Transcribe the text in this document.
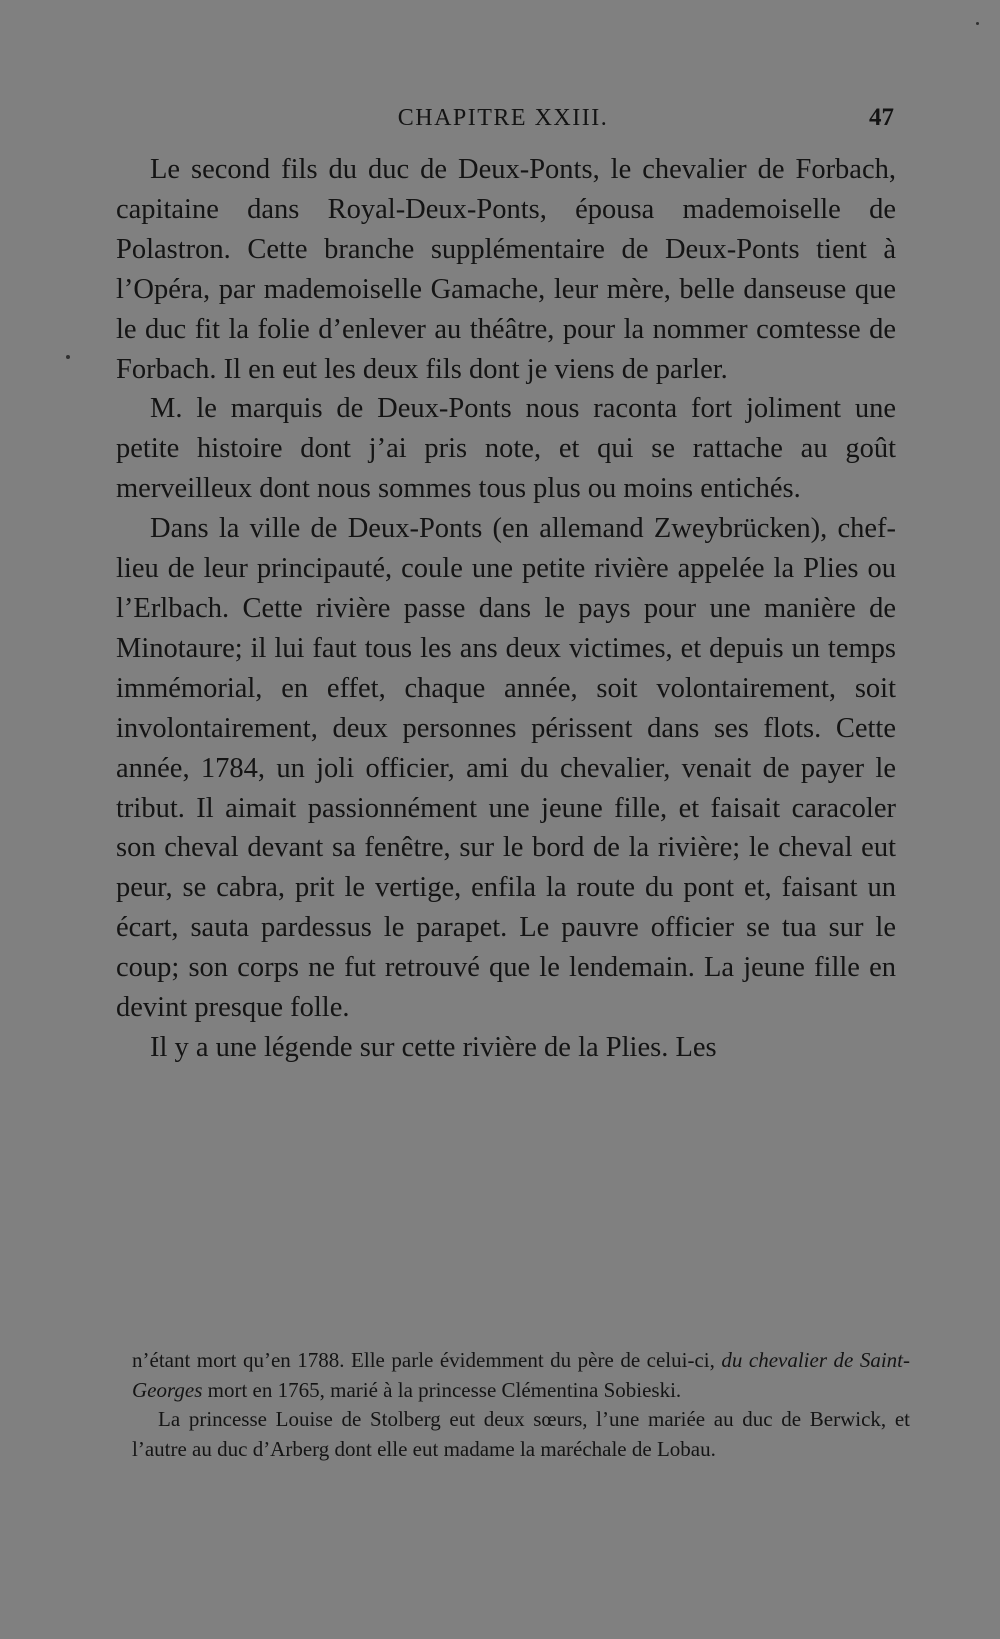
CHAPITRE XXIII.	47

Le second fils du duc de Deux-Ponts, le chevalier de Forbach, capitaine dans Royal-Deux-Ponts, épousa mademoiselle de Polastron. Cette branche supplémentaire de Deux-Ponts tient à l’Opéra, par mademoiselle Gamache, leur mère, belle danseuse que le duc fit la folie d’enlever au théâtre, pour la nommer comtesse de Forbach. Il en eut les deux fils dont je viens de parler.

M. le marquis de Deux-Ponts nous raconta fort joliment une petite histoire dont j’ai pris note, et qui se rattache au goût merveilleux dont nous sommes tous plus ou moins entichés.

Dans la ville de Deux-Ponts (en allemand Zweybrücken), chef-lieu de leur principauté, coule une petite rivière appelée la Plies ou l’Erlbach. Cette rivière passe dans le pays pour une manière de Minotaure; il lui faut tous les ans deux victimes, et depuis un temps immémorial, en effet, chaque année, soit volontairement, soit involontairement, deux personnes périssent dans ses flots. Cette année, 1784, un joli officier, ami du chevalier, venait de payer le tribut. Il aimait passionnément une jeune fille, et faisait caracoler son cheval devant sa fenêtre, sur le bord de la rivière; le cheval eut peur, se cabra, prit le vertige, enfila la route du pont et, faisant un écart, sauta pardessus le parapet. Le pauvre officier se tua sur le coup; son corps ne fut retrouvé que le lendemain. La jeune fille en devint presque folle.

Il y a une légende sur cette rivière de la Plies. Les

n’étant mort qu’en 1788. Elle parle évidemment du père de celui-ci, du chevalier de Saint-Georges mort en 1765, marié à la princesse Clémentina Sobieski.

La princesse Louise de Stolberg eut deux sœurs, l’une mariée au duc de Berwick, et l’autre au duc d’Arberg dont elle eut madame la maréchale de Lobau.
